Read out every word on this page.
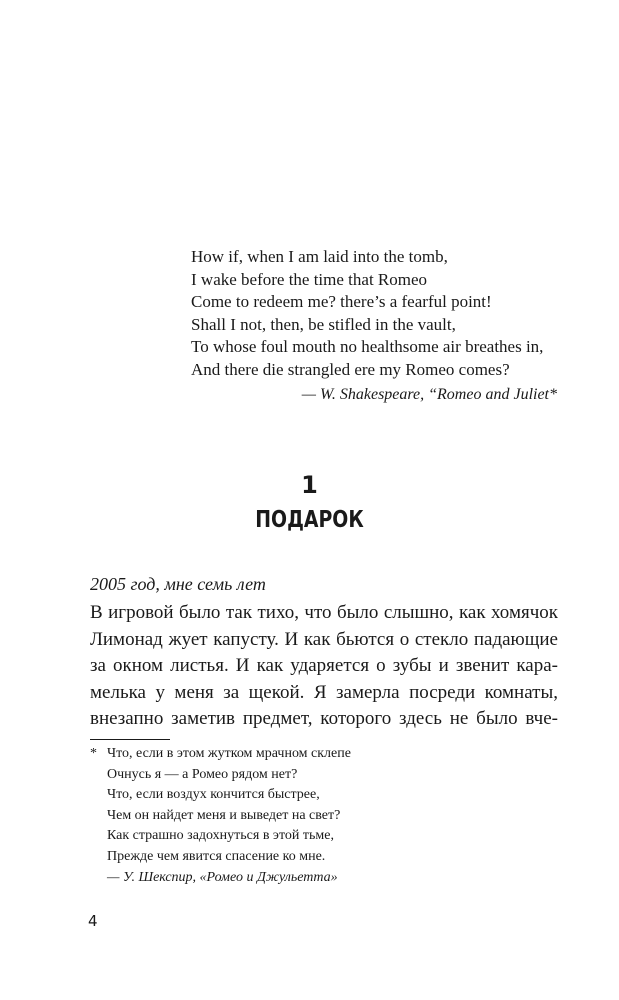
How if, when I am laid into the tomb,
I wake before the time that Romeo
Come to redeem me? there’s a fearful point!
Shall I not, then, be stifled in the vault,
To whose foul mouth no healthsome air breathes in,
And there die strangled ere my Romeo comes?
— W. Shakespeare, “Romeo and Juliet*
1
ПОДАРОК
2005 год, мне семь лет
В игровой было так тихо, что было слышно, как хомячок
Лимонад жует капусту. И как бьются о стекло падающие
за окном листья. И как ударяется о зубы и звенит кара-
мелька у меня за щекой. Я замерла посреди комнаты,
внезапно заметив предмет, которого здесь не было вче-
* Что, если в этом жутком мрачном склепе
Очнусь я — а Ромео рядом нет?
Что, если воздух кончится быстрее,
Чем он найдет меня и выведет на свет?
Как страшно задохнуться в этой тьме,
Прежде чем явится спасение ко мне.
— У. Шекспир, «Ромео и Джульетта»
4
